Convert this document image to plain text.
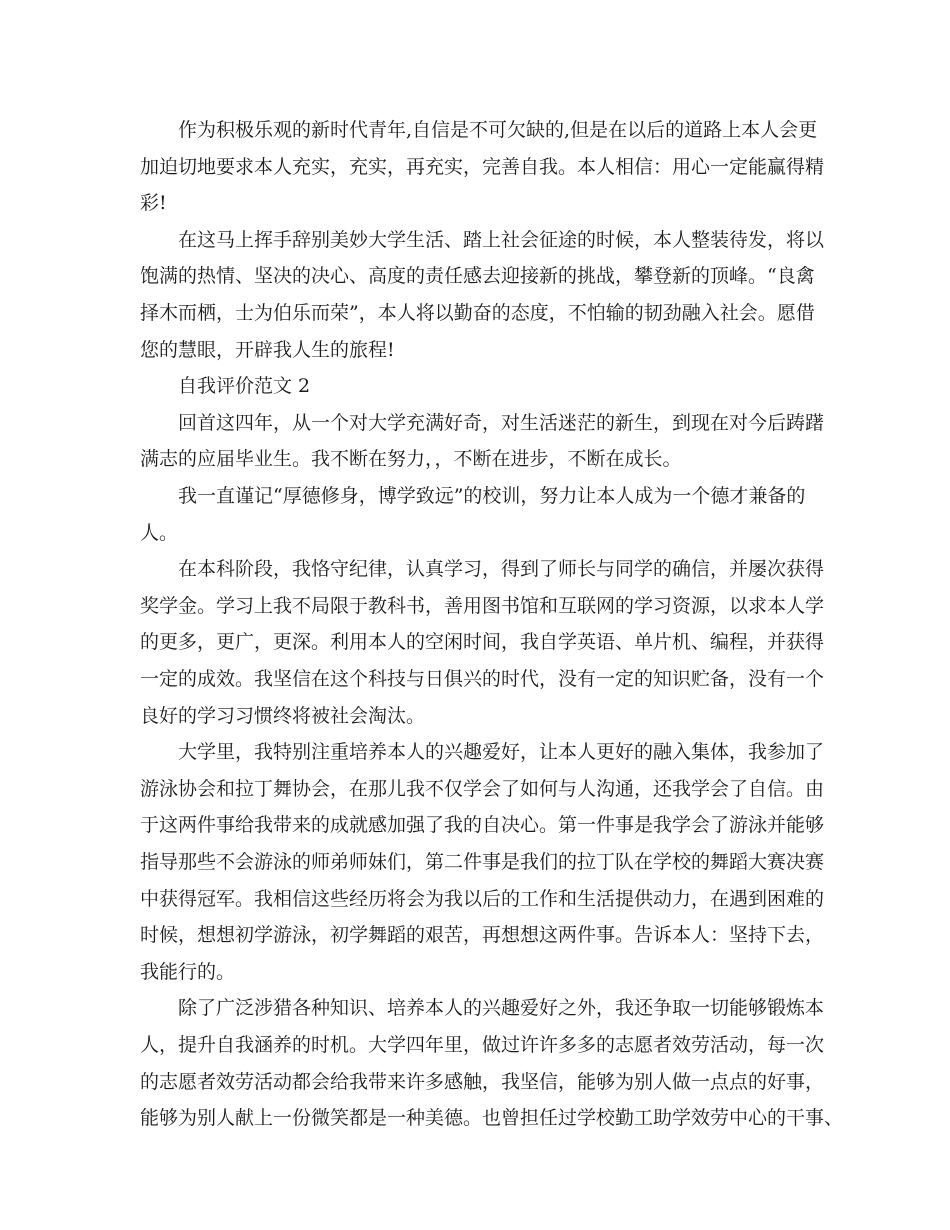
作为积极乐观的新时代青年,自信是不可欠缺的,但是在以后的道路上本人会更
加迫切地要求本人充实，充实，再充实，完善自我。本人相信：用心一定能赢得精
彩!
在这马上挥手辞别美妙大学生活、踏上社会征途的时候，本人整装待发，将以
饱满的热情、坚决的决心、高度的责任感去迎接新的挑战，攀登新的顶峰。“良禽
择木而栖，士为伯乐而荣”，本人将以勤奋的态度，不怕输的韧劲融入社会。愿借
您的慧眼，开辟我人生的旅程!
自我评价范文 2
回首这四年，从一个对大学充满好奇，对生活迷茫的新生，到现在对今后踌躇
满志的应届毕业生。我不断在努力，，不断在进步，不断在成长。
我一直谨记“厚德修身，博学致远”的校训，努力让本人成为一个德才兼备的
人。
在本科阶段，我恪守纪律，认真学习，得到了师长与同学的确信，并屡次获得
奖学金。学习上我不局限于教科书，善用图书馆和互联网的学习资源，以求本人学
的更多，更广，更深。利用本人的空闲时间，我自学英语、单片机、编程，并获得
一定的成效。我坚信在这个科技与日俱兴的时代，没有一定的知识贮备，没有一个
良好的学习习惯终将被社会淘汰。
大学里，我特别注重培养本人的兴趣爱好，让本人更好的融入集体，我参加了
游泳协会和拉丁舞协会，在那儿我不仅学会了如何与人沟通，还我学会了自信。由
于这两件事给我带来的成就感加强了我的自决心。第一件事是我学会了游泳并能够
指导那些不会游泳的师弟师妹们，第二件事是我们的拉丁队在学校的舞蹈大赛决赛
中获得冠军。我相信这些经历将会为我以后的工作和生活提供动力，在遇到困难的
时候，想想初学游泳，初学舞蹈的艰苦，再想想这两件事。告诉本人：坚持下去，
我能行的。
除了广泛涉猎各种知识、培养本人的兴趣爱好之外，我还争取一切能够锻炼本
人，提升自我涵养的时机。大学四年里，做过许许多多的志愿者效劳活动，每一次
的志愿者效劳活动都会给我带来许多感触，我坚信，能够为别人做一点点的好事，
能够为别人献上一份微笑都是一种美德。也曾担任过学校勤工助学效劳中心的干事、
